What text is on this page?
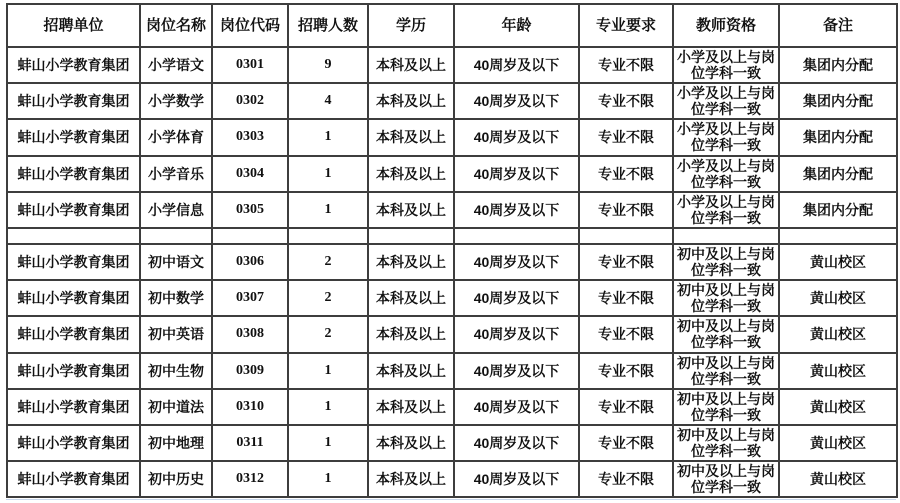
招聘单位	岗位名称	岗位代码	招聘人数	学历	年龄	专业要求	教师资格	备注
蚌山小学教育集团	小学语文	0301	9	本科及以上	40周岁及以下	专业不限	小学及以上与岗位学科一致	集团内分配
蚌山小学教育集团	小学数学	0302	4	本科及以上	40周岁及以下	专业不限	小学及以上与岗位学科一致	集团内分配
蚌山小学教育集团	小学体育	0303	1	本科及以上	40周岁及以下	专业不限	小学及以上与岗位学科一致	集团内分配
蚌山小学教育集团	小学音乐	0304	1	本科及以上	40周岁及以下	专业不限	小学及以上与岗位学科一致	集团内分配
蚌山小学教育集团	小学信息	0305	1	本科及以上	40周岁及以下	专业不限	小学及以上与岗位学科一致	集团内分配

蚌山小学教育集团	初中语文	0306	2	本科及以上	40周岁及以下	专业不限	初中及以上与岗位学科一致	黄山校区
蚌山小学教育集团	初中数学	0307	2	本科及以上	40周岁及以下	专业不限	初中及以上与岗位学科一致	黄山校区
蚌山小学教育集团	初中英语	0308	2	本科及以上	40周岁及以下	专业不限	初中及以上与岗位学科一致	黄山校区
蚌山小学教育集团	初中生物	0309	1	本科及以上	40周岁及以下	专业不限	初中及以上与岗位学科一致	黄山校区
蚌山小学教育集团	初中道法	0310	1	本科及以上	40周岁及以下	专业不限	初中及以上与岗位学科一致	黄山校区
蚌山小学教育集团	初中地理	0311	1	本科及以上	40周岁及以下	专业不限	初中及以上与岗位学科一致	黄山校区
蚌山小学教育集团	初中历史	0312	1	本科及以上	40周岁及以下	专业不限	初中及以上与岗位学科一致	黄山校区
